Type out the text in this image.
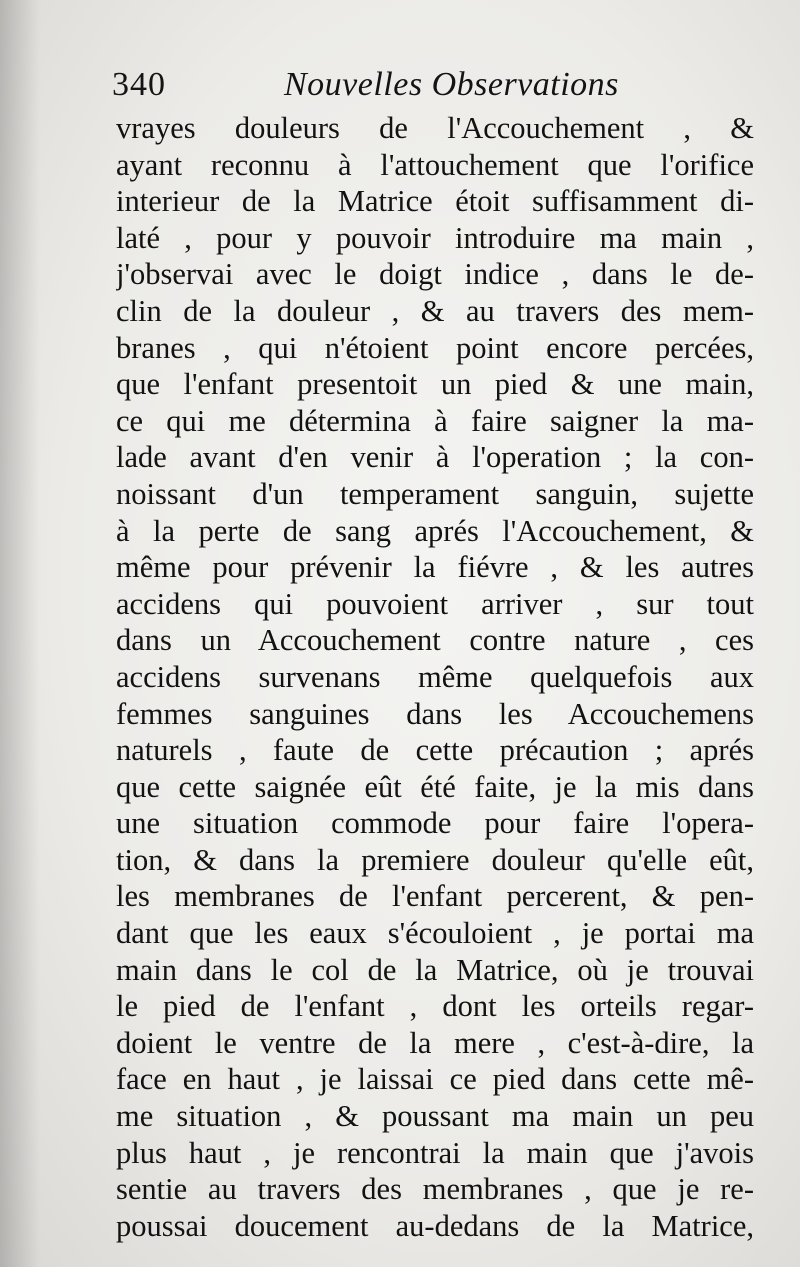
340	Nouvelles Observations
vrayes douleurs de l'Accouchement , &
ayant reconnu à l'attouchement que l'orifice
interieur de la Matrice étoit suffisamment di-
laté , pour y pouvoir introduire ma main ,
j'observai avec le doigt indice , dans le de-
clin de la douleur , & au travers des mem-
branes , qui n'étoient point encore percées,
que l'enfant presentoit un pied & une main,
ce qui me détermina à faire saigner la ma-
lade avant d'en venir à l'operation ; la con-
noissant d'un temperament sanguin, sujette
à la perte de sang aprés l'Accouchement, &
même pour prévenir la fiévre , & les autres
accidens qui pouvoient arriver , sur tout
dans un Accouchement contre nature , ces
accidens survenans même quelquefois aux
femmes sanguines dans les Accouchemens
naturels , faute de cette précaution ; aprés
que cette saignée eût été faite, je la mis dans
une situation commode pour faire l'opera-
tion, & dans la premiere douleur qu'elle eût,
les membranes de l'enfant percerent, & pen-
dant que les eaux s'écouloient , je portai ma
main dans le col de la Matrice, où je trouvai
le pied de l'enfant , dont les orteils regar-
doient le ventre de la mere , c'est-à-dire, la
face en haut , je laissai ce pied dans cette mê-
me situation , & poussant ma main un peu
plus haut , je rencontrai la main que j'avois
sentie au travers des membranes , que je re-
poussai doucement au-dedans de la Matrice,
